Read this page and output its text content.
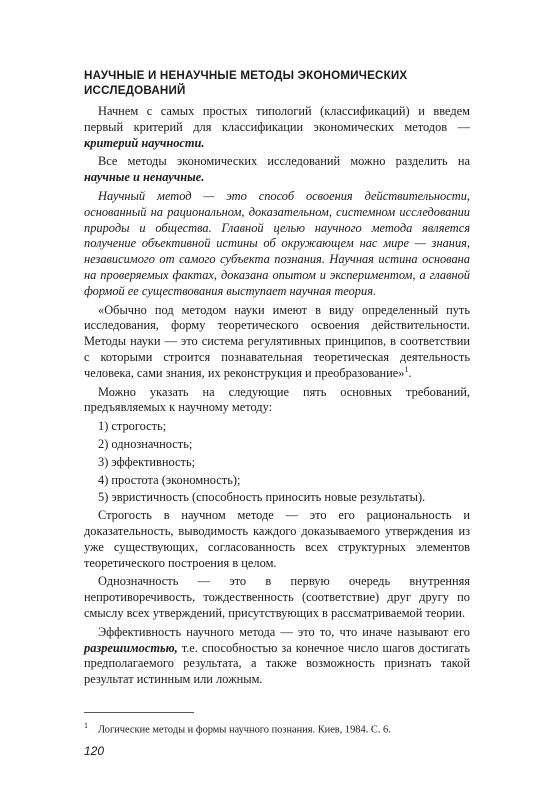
НАУЧНЫЕ И НЕНАУЧНЫЕ МЕТОДЫ ЭКОНОМИЧЕСКИХ ИССЛЕДОВАНИЙ

Начнем с самых простых типологий (классификаций) и введем первый критерий для классификации экономических методов — критерий научности.

Все методы экономических исследований можно разделить на научные и ненаучные.

Научный метод — это способ освоения действительности, основанный на рациональном, доказательном, системном исследовании природы и общества. Главной целью научного метода является получение объективной истины об окружающем нас мире — знания, независимого от самого субъекта познания. Научная истина основана на проверяемых фактах, доказана опытом и экспериментом, а главной формой ее существования выступает научная теория.

«Обычно под методом науки имеют в виду определенный путь исследования, форму теоретического освоения действительности. Методы науки — это система регулятивных принципов, в соответствии с которыми строится познавательная теоретическая деятельность человека, сами знания, их реконструкция и преобразование»$^1$.

Можно указать на следующие пять основных требований, предъявляемых к научному методу:

1) строгость;
2) однозначность;
3) эффективность;
4) простота (экономность);
5) эвристичность (способность приносить новые результаты).

Строгость в научном методе — это его рациональность и доказательность, выводимость каждого доказываемого утверждения из уже существующих, согласованность всех структурных элементов теоретического построения в целом.

Однозначность — это в первую очередь внутренняя непротиворечивость, тождественность (соответствие) друг другу по смыслу всех утверждений, присутствующих в рассматриваемой теории.

Эффективность научного метода — это то, что иначе называют его разрешимостью, т.е. способностью за конечное число шагов достигать предполагаемого результата, а также возможность признать такой результат истинным или ложным.

$^1$ Логические методы и формы научного познания. Киев, 1984. С. 6.
120
